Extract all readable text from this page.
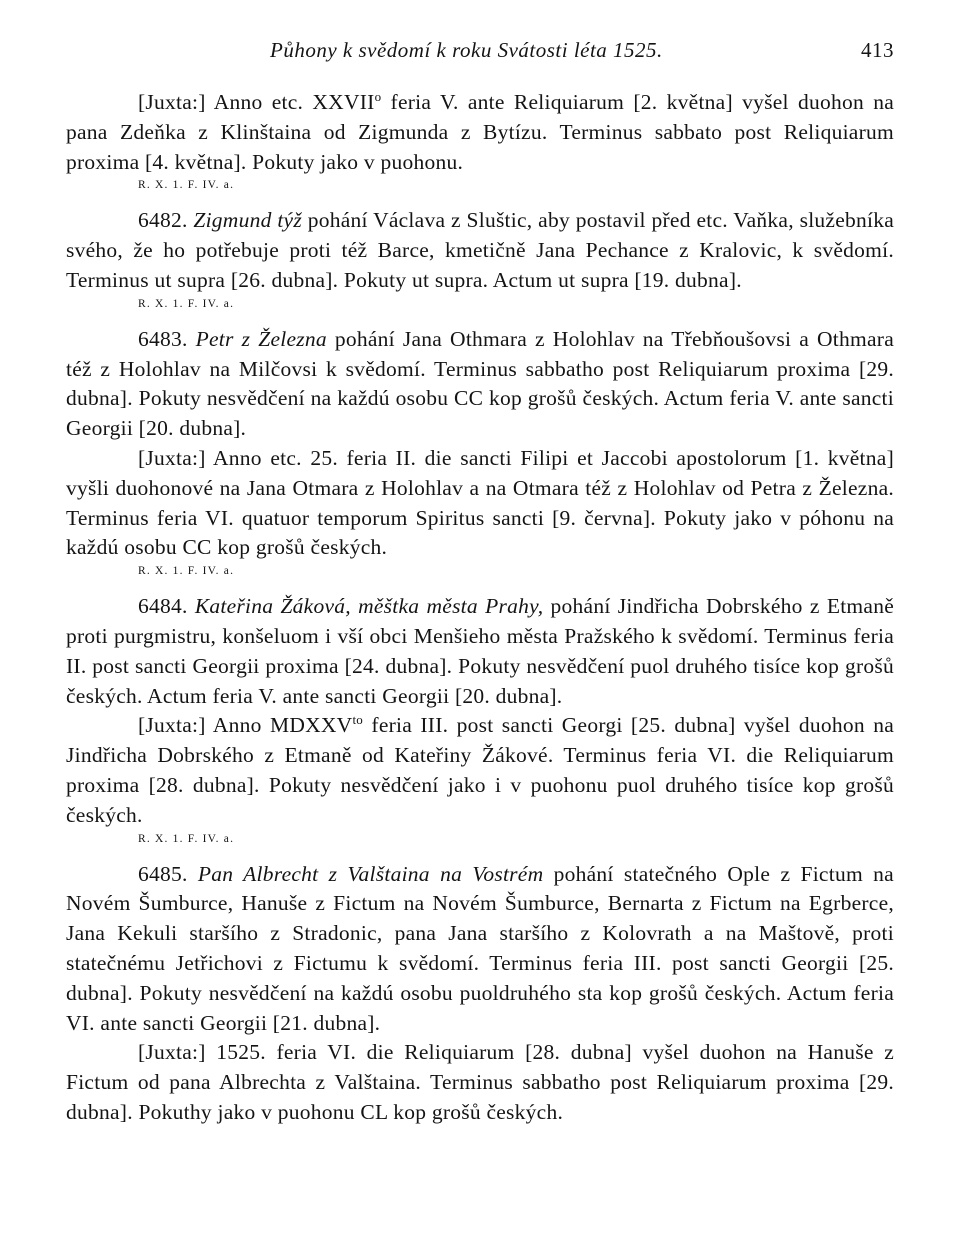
Půhony k svědomí k roku Svátosti léta 1525.	413

[Juxta:] Anno etc. XXVII$^o$ feria V. ante Reliquiarum [2. května] vyšel duohon na pana Zdeňka z Klinštaina od Zigmunda z Bytízu. Terminus sabbato post Reliquiarum proxima [4. května]. Pokuty jako v puohonu.

R. X. 1. F. IV. a.

6482. Zigmund týž pohání Václava z Sluštic, aby postavil před etc. Vaňka, služebníka svého, že ho potřebuje proti též Barce, kmetičně Jana Pechance z Kralovic, k svědomí. Terminus ut supra [26. dubna]. Pokuty ut supra. Actum ut supra [19. dubna].

R. X. 1. F. IV. a.

6483. Petr z Železna pohání Jana Othmara z Holohlav na Třebňoušovsi a Othmara též z Holohlav na Milčovsi k svědomí. Terminus sabbatho post Reliquiarum proxima [29. dubna]. Pokuty nesvědčení na každú osobu CC kop grošů českých. Actum feria V. ante sancti Georgii [20. dubna].

[Juxta:] Anno etc. 25. feria II. die sancti Filipi et Jaccobi apostolorum [1. května] vyšli duohonové na Jana Otmara z Holohlav a na Otmara též z Holohlav od Petra z Železna. Terminus feria VI. quatuor temporum Spiritus sancti [9. června]. Pokuty jako v póhonu na každú osobu CC kop grošů českých.

R. X. 1. F. IV. a.

6484. Kateřina Žáková, měštka města Prahy, pohání Jindřicha Dobrského z Etmaně proti purgmistru, konšeluom i vší obci Menšieho města Pražského k svědomí. Terminus feria II. post sancti Georgii proxima [24. dubna]. Pokuty nesvědčení puol druhého tisíce kop grošů českých. Actum feria V. ante sancti Georgii [20. dubna].

[Juxta:] Anno $MDXXV^{to}$ feria III. post sancti Georgi [25. dubna] vyšel duohon na Jindřicha Dobrského z Etmaně od Kateřiny Žákové. Terminus feria VI. die Reliquiarum proxima [28. dubna]. Pokuty nesvědčení jako i v puohonu puol druhého tisíce kop grošů českých.

R. X. 1. F. IV. a.

6485. Pan Albrecht z Valštaina na Vostrém pohání statečného Ople z Fictum na Novém Šumburce, Hanuše z Fictum na Novém Šumburce, Bernarta z Fictum na Egrberce, Jana Kekuli staršího z Stradonic, pana Jana staršího z Kolovrath a na Maštově, proti statečnému Jetřichovi z Fictumu k svědomí. Terminus feria III. post sancti Georgii [25. dubna]. Pokuty nesvědčení na každú osobu puoldruhého sta kop grošů českých. Actum feria VI. ante sancti Georgii [21. dubna].

[Juxta:] 1525. feria VI. die Reliquiarum [28. dubna] vyšel duohon na Hanuše z Fictum od pana Albrechta z Valštaina. Terminus sabbatho post Reliquiarum proxima [29. dubna]. Pokuthy jako v puohonu CL kop grošů českých.
